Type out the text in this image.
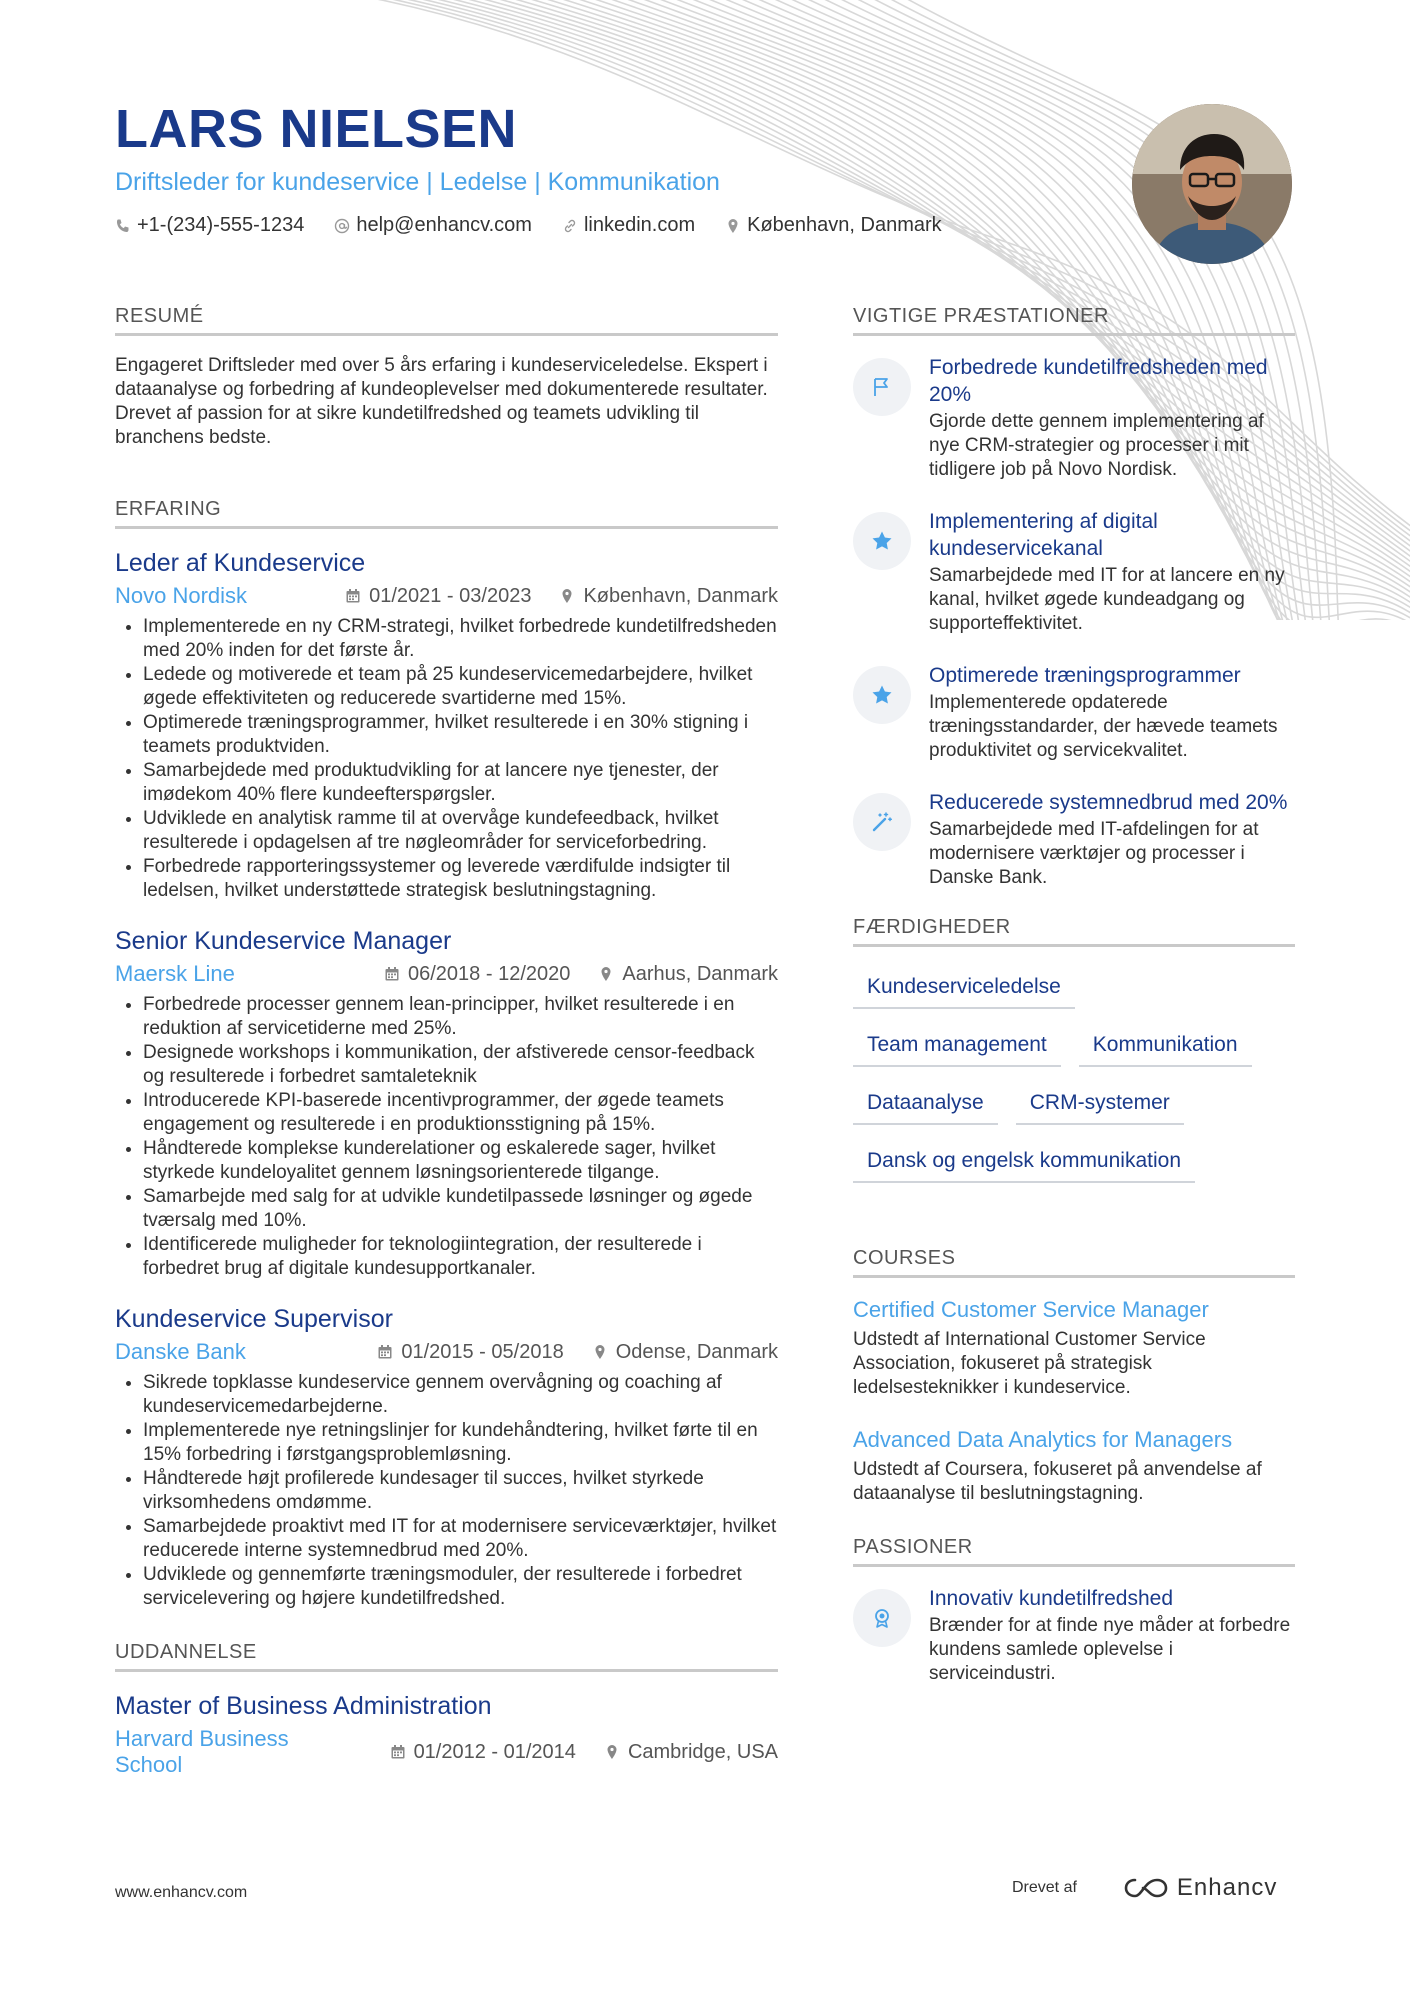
LARS NIELSEN
Driftsleder for kundeservice | Ledelse | Kommunikation
+1-(234)-555-1234	help@enhancv.com	linkedin.com	København, Danmark
RESUMÉ
Engageret Driftsleder med over 5 års erfaring i kundeserviceledelse. Ekspert i dataanalyse og forbedring af kundeoplevelser med dokumenterede resultater. Drevet af passion for at sikre kundetilfredshed og teamets udvikling til branchens bedste.
ERFARING
Leder af Kundeservice
Novo Nordisk	01/2021 - 03/2023	København, Danmark
• Implementerede en ny CRM-strategi, hvilket forbedrede kundetilfredsheden med 20% inden for det første år.
• Ledede og motiverede et team på 25 kundeservicemedarbejdere, hvilket øgede effektiviteten og reducerede svartiderne med 15%.
• Optimerede træningsprogrammer, hvilket resulterede i en 30% stigning i teamets produktviden.
• Samarbejdede med produktudvikling for at lancere nye tjenester, der imødekom 40% flere kundeefterspørgsler.
• Udviklede en analytisk ramme til at overvåge kundefeedback, hvilket resulterede i opdagelsen af tre nøgleområder for serviceforbedring.
• Forbedrede rapporteringssystemer og leverede værdifulde indsigter til ledelsen, hvilket understøttede strategisk beslutningstagning.
Senior Kundeservice Manager
Maersk Line	06/2018 - 12/2020	Aarhus, Danmark
• Forbedrede processer gennem lean-principper, hvilket resulterede i en reduktion af servicetiderne med 25%.
• Designede workshops i kommunikation, der afstiverede censor-feedback og resulterede i forbedret samtaleteknik
• Introducerede KPI-baserede incentivprogrammer, der øgede teamets engagement og resulterede i en produktionsstigning på 15%.
• Håndterede komplekse kunderelationer og eskalerede sager, hvilket styrkede kundeloyalitet gennem løsningsorienterede tilgange.
• Samarbejde med salg for at udvikle kundetilpassede løsninger og øgede tværsalg med 10%.
• Identificerede muligheder for teknologiintegration, der resulterede i forbedret brug af digitale kundesupportkanaler.
Kundeservice Supervisor
Danske Bank	01/2015 - 05/2018	Odense, Danmark
• Sikrede topklasse kundeservice gennem overvågning og coaching af kundeservicemedarbejderne.
• Implementerede nye retningslinjer for kundehåndtering, hvilket førte til en 15% forbedring i førstgangsproblemløsning.
• Håndterede højt profilerede kundesager til succes, hvilket styrkede virksomhedens omdømme.
• Samarbejdede proaktivt med IT for at modernisere serviceværktøjer, hvilket reducerede interne systemnedbrud med 20%.
• Udviklede og gennemførte træningsmoduler, der resulterede i forbedret servicelevering og højere kundetilfredshed.
UDDANNELSE
Master of Business Administration
Harvard Business School
01/2012 - 01/2014	Cambridge, USA
VIGTIGE PRÆSTATIONER
Forbedrede kundetilfredsheden med 20%
Gjorde dette gennem implementering af nye CRM-strategier og processer i mit tidligere job på Novo Nordisk.
Implementering af digital kundeservicekanal
Samarbejdede med IT for at lancere en ny kanal, hvilket øgede kundeadgang og supporteffektivitet.
Optimerede træningsprogrammer
Implementerede opdaterede træningsstandarder, der hævede teamets produktivitet og servicekvalitet.
Reducerede systemnedbrud med 20%
Samarbejdede med IT-afdelingen for at modernisere værktøjer og processer i Danske Bank.
FÆRDIGHEDER
Kundeserviceledelse
Team management	Kommunikation
Dataanalyse	CRM-systemer
Dansk og engelsk kommunikation
COURSES
Certified Customer Service Manager
Udstedt af International Customer Service Association, fokuseret på strategisk ledelsesteknikker i kundeservice.
Advanced Data Analytics for Managers
Udstedt af Coursera, fokuseret på anvendelse af dataanalyse til beslutningstagning.
PASSIONER
Innovativ kundetilfredshed
Brænder for at finde nye måder at forbedre kundens samlede oplevelse i serviceindustri.
www.enhancv.com	Drevet af	Enhancv
